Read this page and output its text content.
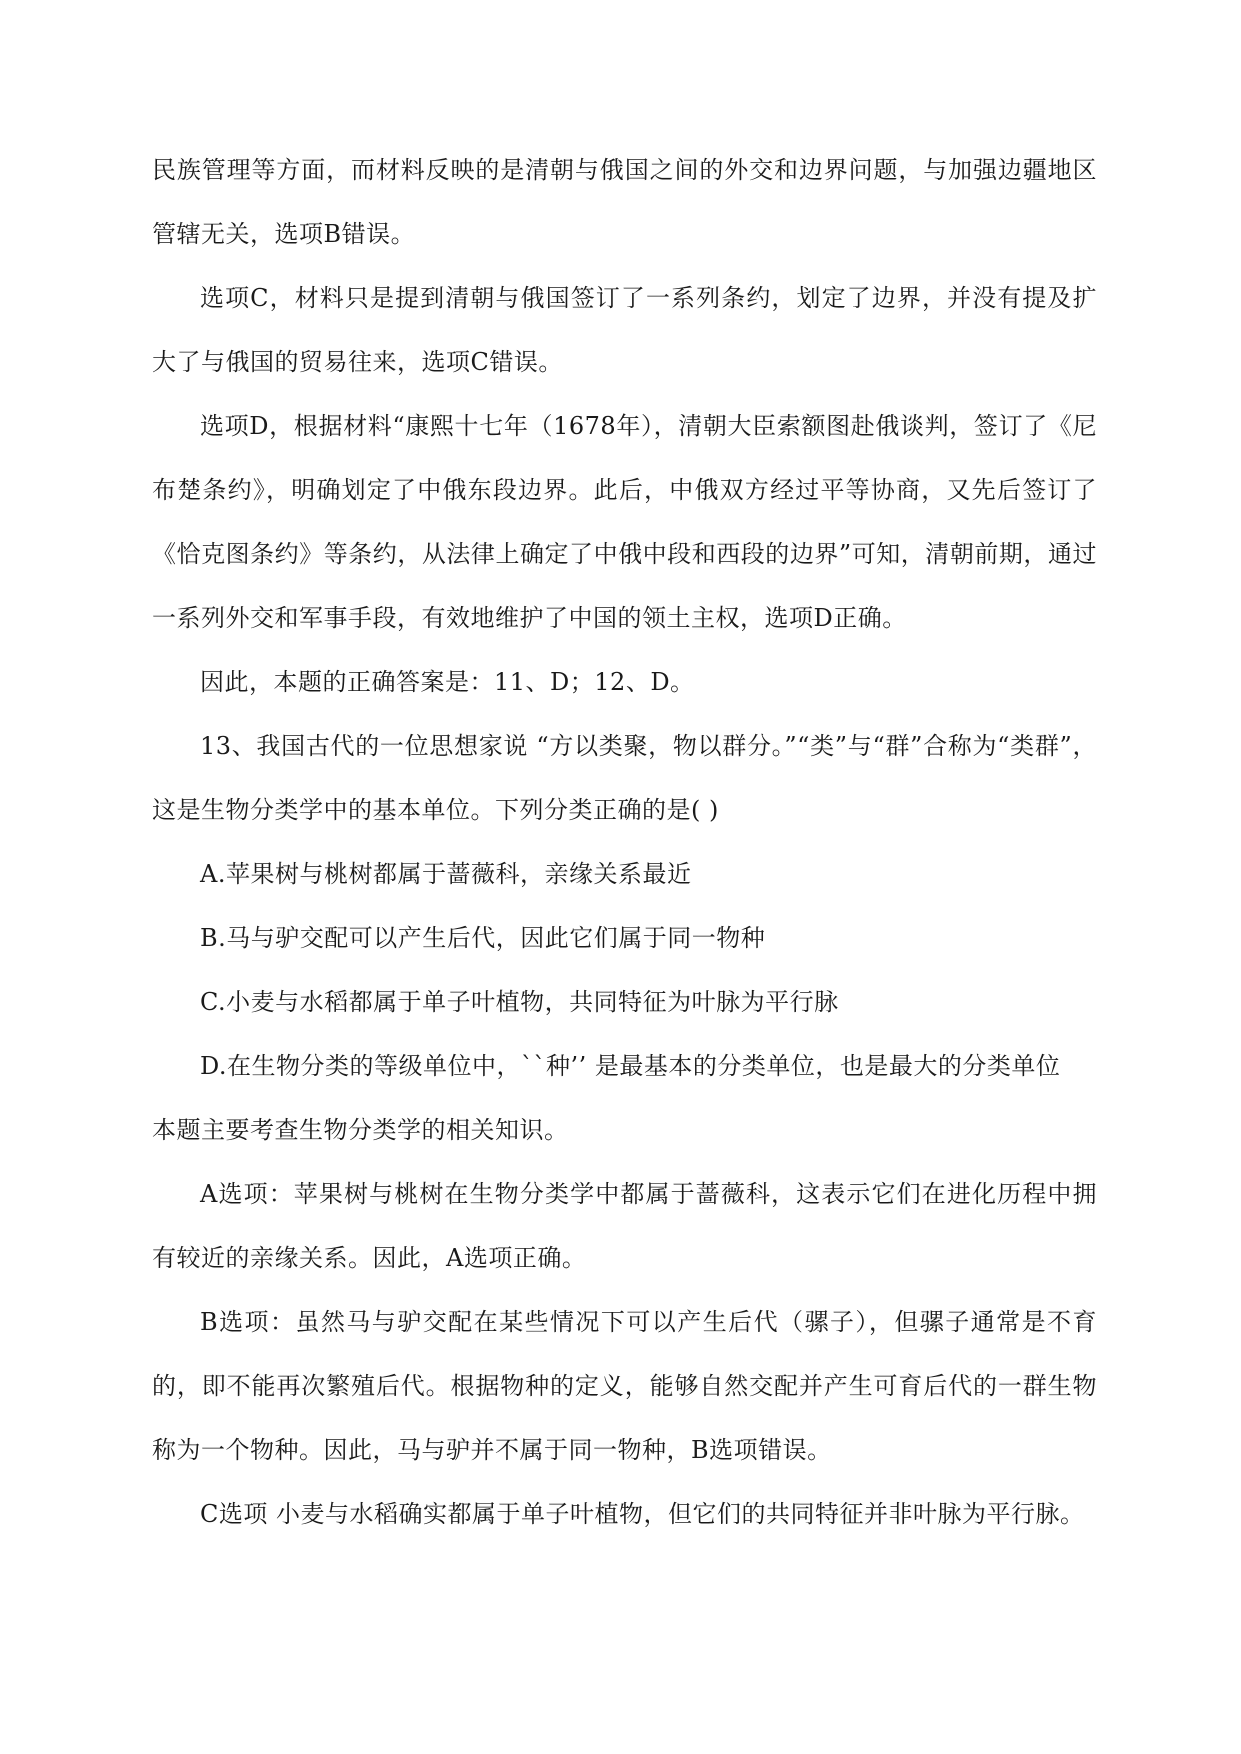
民族管理等方面，而材料反映的是清朝与俄国之间的外交和边界问题，与加强边疆地区管辖无关，选项B错误。

选项C，材料只是提到清朝与俄国签订了一系列条约，划定了边界，并没有提及扩大了与俄国的贸易往来，选项C错误。

选项D，根据材料“康熙十七年（1678年），清朝大臣索额图赴俄谈判，签订了《尼布楚条约》，明确划定了中俄东段边界。此后，中俄双方经过平等协商，又先后签订了《恰克图条约》等条约，从法律上确定了中俄中段和西段的边界”可知，清朝前期，通过一系列外交和军事手段，有效地维护了中国的领土主权，选项D正确。

因此，本题的正确答案是：11、D；12、D。

13、我国古代的一位思想家说 “方以类聚，物以群分。”“类”与“群”合称为“类群”，这是生物分类学中的基本单位。下列分类正确的是( )

A.苹果树与桃树都属于蔷薇科，亲缘关系最近

B.马与驴交配可以产生后代，因此它们属于同一物种

C.小麦与水稻都属于单子叶植物，共同特征为叶脉为平行脉

D.在生物分类的等级单位中，``种’’ 是最基本的分类单位，也是最大的分类单位

本题主要考查生物分类学的相关知识。

A选项：苹果树与桃树在生物分类学中都属于蔷薇科，这表示它们在进化历程中拥有较近的亲缘关系。因此，A选项正确。

B选项：虽然马与驴交配在某些情况下可以产生后代（骡子），但骡子通常是不育的，即不能再次繁殖后代。根据物种的定义，能够自然交配并产生可育后代的一群生物称为一个物种。因此，马与驴并不属于同一物种，B选项错误。

C选项 小麦与水稻确实都属于单子叶植物，但它们的共同特征并非叶脉为平行脉。
